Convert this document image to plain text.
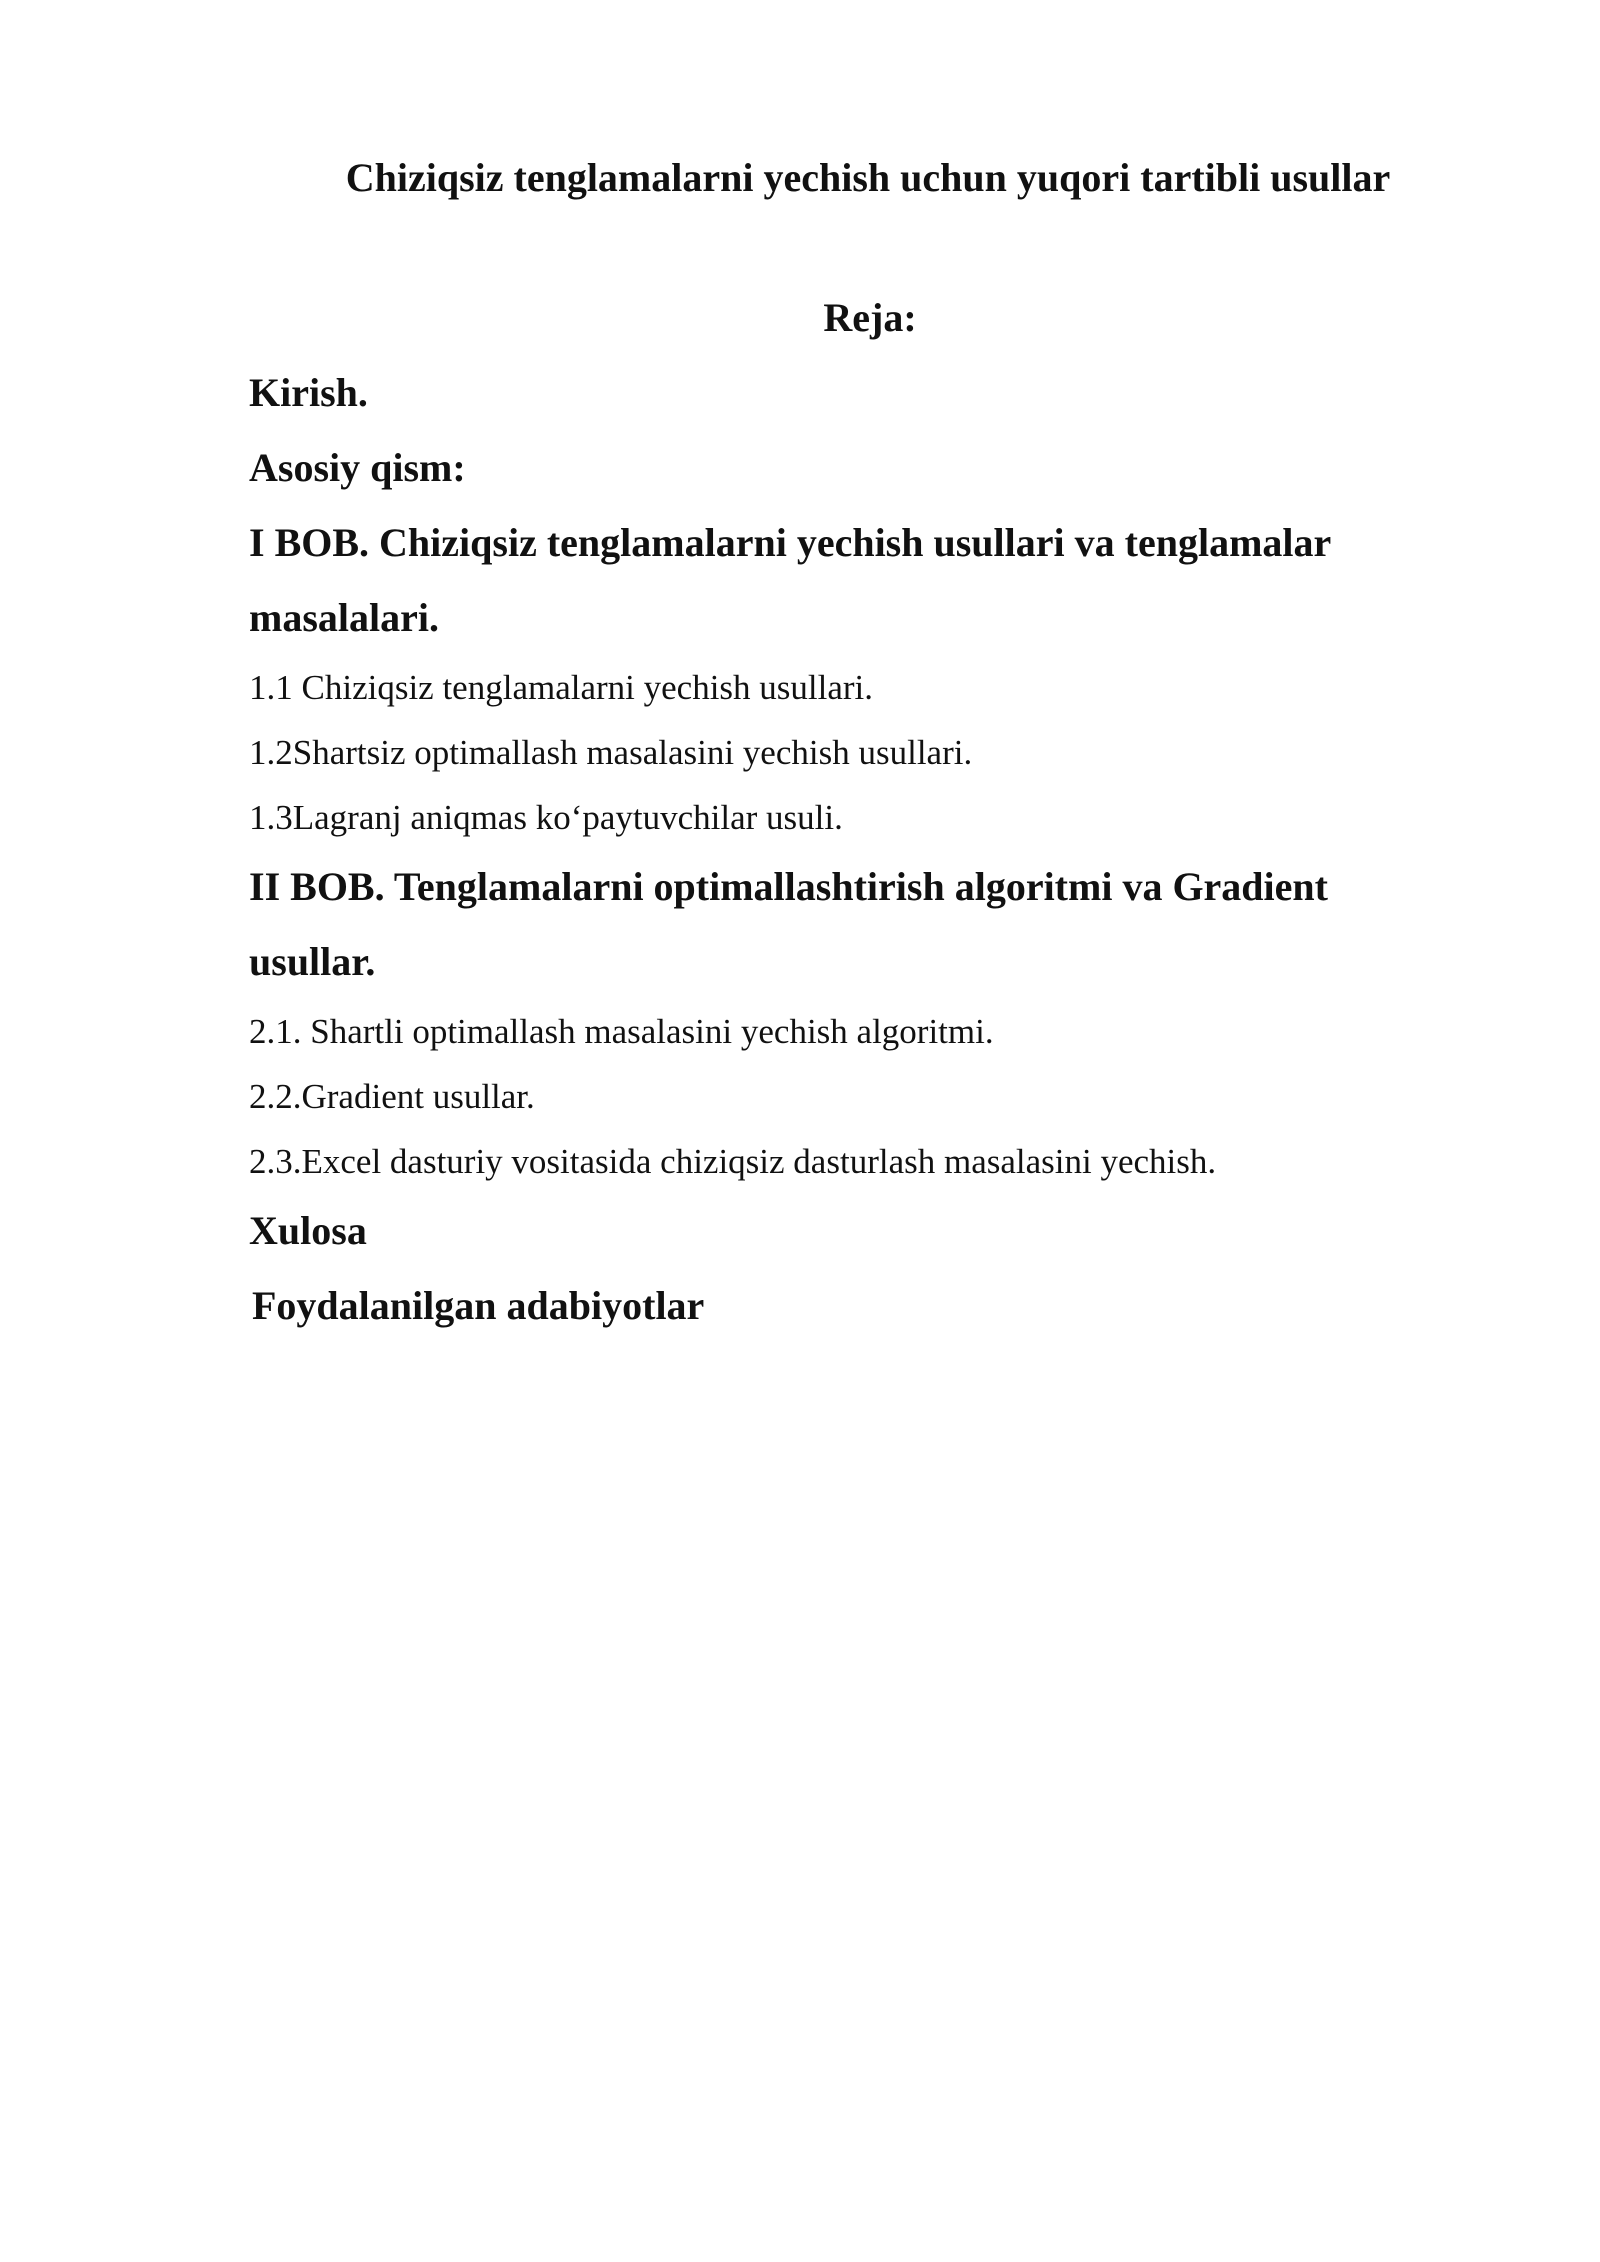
Chiziqsiz tenglamalarni yechish uchun yuqori tartibli usullar
Reja:

Kirish.

Asosiy qism:

I BOB. Chiziqsiz tenglamalarni yechish usullari va tenglamalar

masalalari.

1.1 Chiziqsiz tenglamalarni yechish usullari.

1.2Shartsiz optimallash masalasini yechish usullari.

1.3Lagranj aniqmas ko‘paytuvchilar usuli.

II BOB. Tenglamalarni optimallashtirish algoritmi va Gradient

usullar.

2.1. Shartli optimallash masalasini yechish algoritmi.

2.2.Gradient usullar.

2.3.Excel dasturiy vositasida chiziqsiz dasturlash masalasini yechish.

Xulosa

Foydalanilgan adabiyotlar
